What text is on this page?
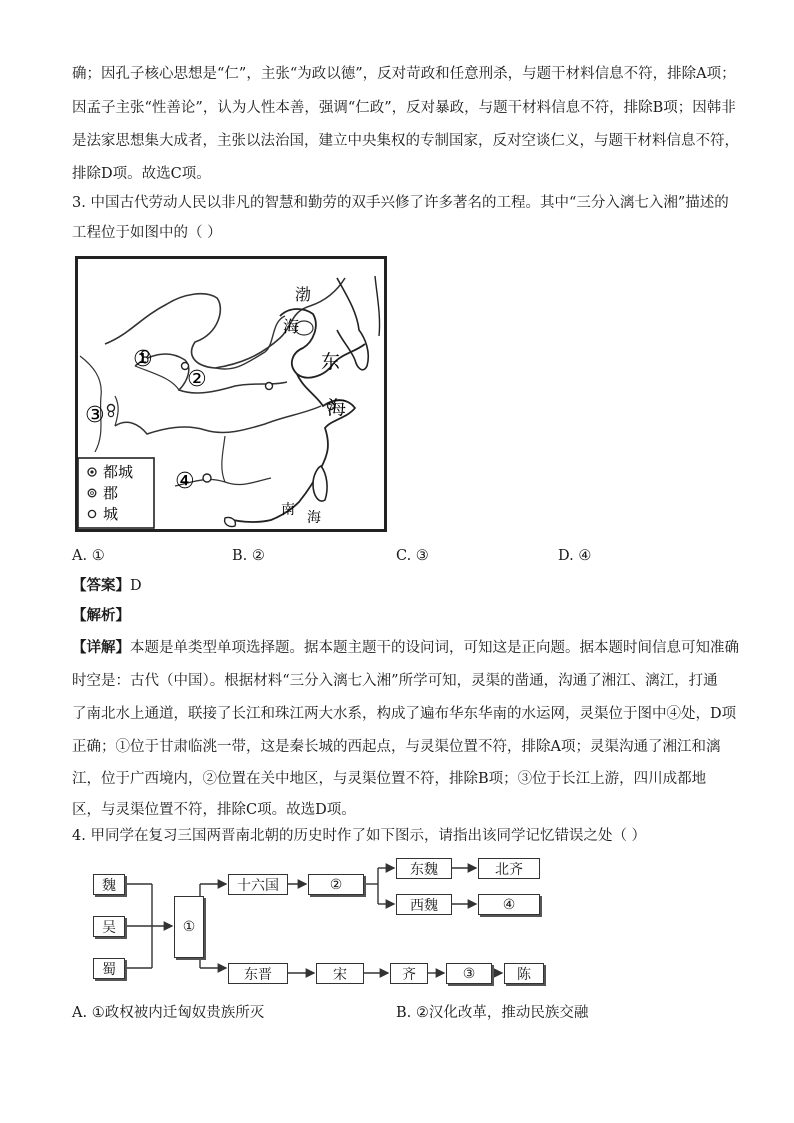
确；因孔子核心思想是“仁”，主张“为政以德”，反对苛政和任意刑杀，与题干材料信息不符，排除A项；
因孟子主张“性善论”，认为人性本善，强调“仁政”，反对暴政，与题干材料信息不符，排除B项；因韩非
是法家思想集大成者，主张以法治国，建立中央集权的专制国家，反对空谈仁义，与题干材料信息不符，
排除D项。故选C项。
3. 中国古代劳动人民以非凡的智慧和勤劳的双手兴修了许多著名的工程。其中“三分入漓七入湘”描述的
工程位于如图中的（ ）
①
②
③
④
渤
海
东
海
南 海
都城
郡
城
A. ①	B. ②	C. ③	D. ④
【答案】D
【解析】
【详解】本题是单类型单项选择题。据本题主题干的设问词，可知这是正向题。据本题时间信息可知准确
时空是：古代（中国）。根据材料“三分入漓七入湘”所学可知，灵渠的凿通，沟通了湘江、漓江，打通
了南北水上通道，联接了长江和珠江两大水系，构成了遍布华东华南的水运网，灵渠位于图中④处，D项
正确；①位于甘肃临洮一带，这是秦长城的西起点，与灵渠位置不符，排除A项；灵渠沟通了湘江和漓
江，位于广西境内，②位置在关中地区，与灵渠位置不符，排除B项；③位于长江上游，四川成都地
区，与灵渠位置不符，排除C项。故选D项。
4. 甲同学在复习三国两晋南北朝的历史时作了如下图示，请指出该同学记忆错误之处（ ）
魏
吴
蜀
①
十六国	②
东魏	北齐
西魏	④
东晋	宋	齐	③	陈
A. ①政权被内迁匈奴贵族所灭	B. ②汉化改革，推动民族交融
